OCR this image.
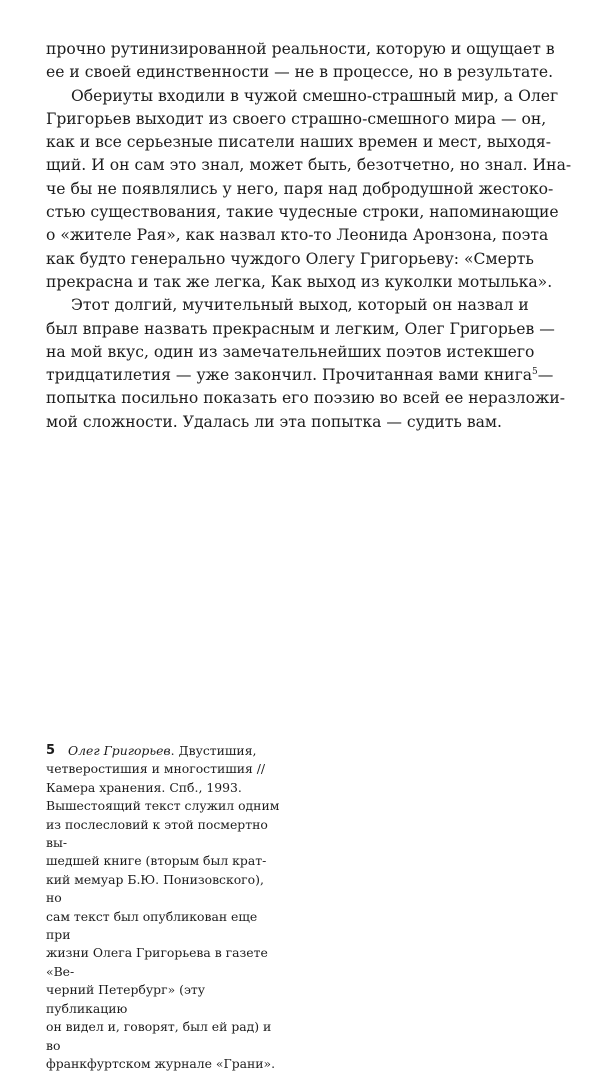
прочно рутинизированной реальности, которую и ощущает в
ее и своей единственности — не в процессе, но в результате.
Обериуты входили в чужой смешно-страшный мир, а Олег
Григорьев выходит из своего страшно-смешного мира — он,
как и все серьезные писатели наших времен и мест, выходя-
щий. И он сам это знал, может быть, безотчетно, но знал. Ина-
че бы не появлялись у него, паря над добродушной жестоко-
стью существования, такие чудесные строки, напоминающие
о «жителе Рая», как назвал кто-то Леонида Аронзона, поэта
как будто генерально чуждого Олегу Григорьеву: «Смерть
прекрасна и так же легка, Как выход из куколки мотылька».
Этот долгий, мучительный выход, который он назвал и
был вправе назвать прекрасным и легким, Олег Григорьев —
на мой вкус, один из замечательнейших поэтов истекшего
тридцатилетия — уже закончил. Прочитанная вами книга$^5$—
попытка посильно показать его поэзию во всей ее неразложи-
мой сложности. Удалась ли эта попытка — судить вам.
5	Олег Григорьев. Двустишия,
четверостишия и многостишия //
Камера хранения. Спб., 1993.
Вышестоящий текст служил одним
из послесловий к этой посмертно вы-
шедшей книге (вторым был крат-
кий мемуар Б.Ю. Понизовского), но
сам текст был опубликован еще при
жизни Олега Григорьева в газете «Ве-
черний Петербург» (эту публикацию
он видел и, говорят, был ей рад) и во
франкфуртском журнале «Грани».
